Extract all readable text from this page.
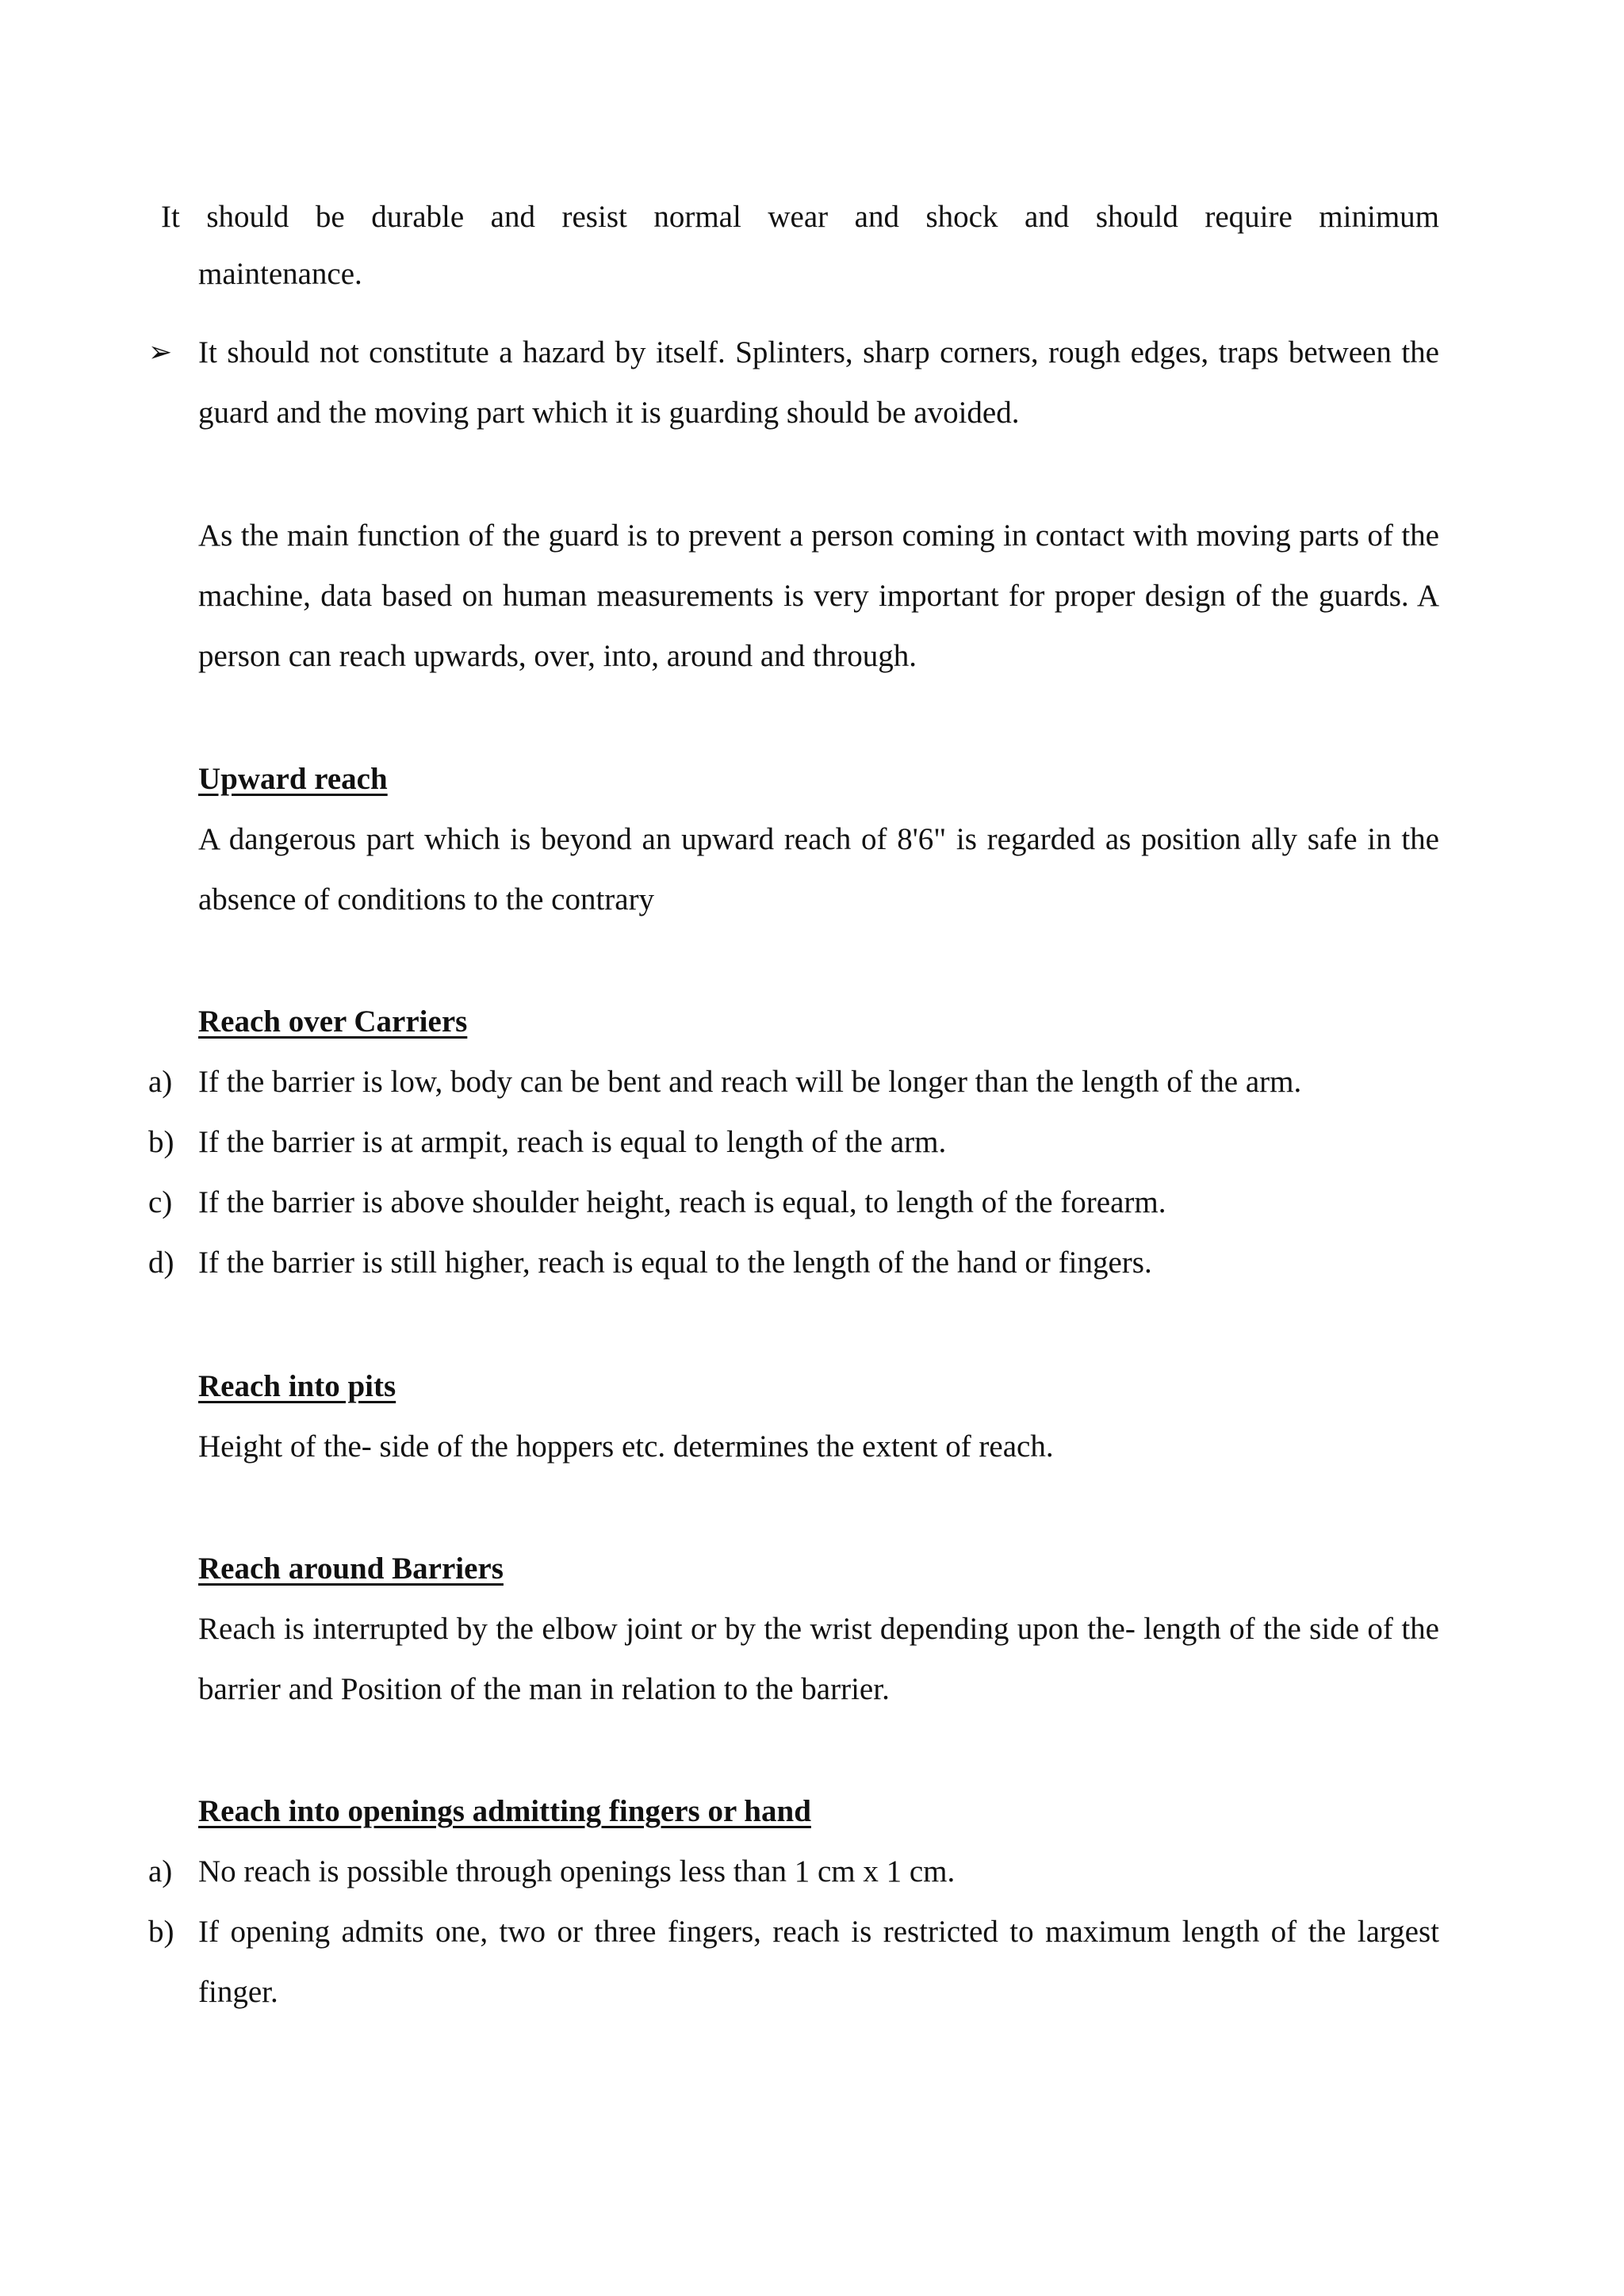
It should be durable and resist normal wear and shock and should require minimum

maintenance.

➢ It should not constitute a hazard by itself. Splinters, sharp corners, rough edges, traps between the guard and the moving part which it is guarding should be avoided.

As the main function of the guard is to prevent a person coming in contact with moving parts of the machine, data based on human measurements is very important for proper design of the guards. A person can reach upwards, over, into, around and through.

Upward reach

A dangerous part which is beyond an upward reach of 8'6" is regarded as position ally safe in the absence of conditions to the contrary

Reach over Carriers

a) If the barrier is low, body can be bent and reach will be longer than the length of the arm.

b) If the barrier is at armpit, reach is equal to length of the arm.

c) If the barrier is above shoulder height, reach is equal, to length of the forearm.

d) If the barrier is still higher, reach is equal to the length of the hand or fingers.

Reach into pits

Height of the- side of the hoppers etc. determines the extent of reach.

Reach around Barriers

Reach is interrupted by the elbow joint or by the wrist depending upon the- length of the side of the barrier and Position of the man in relation to the barrier.

Reach into openings admitting fingers or hand

a) No reach is possible through openings less than 1 cm x 1 cm.

b) If opening admits one, two or three fingers, reach is restricted to maximum length of the largest finger.
